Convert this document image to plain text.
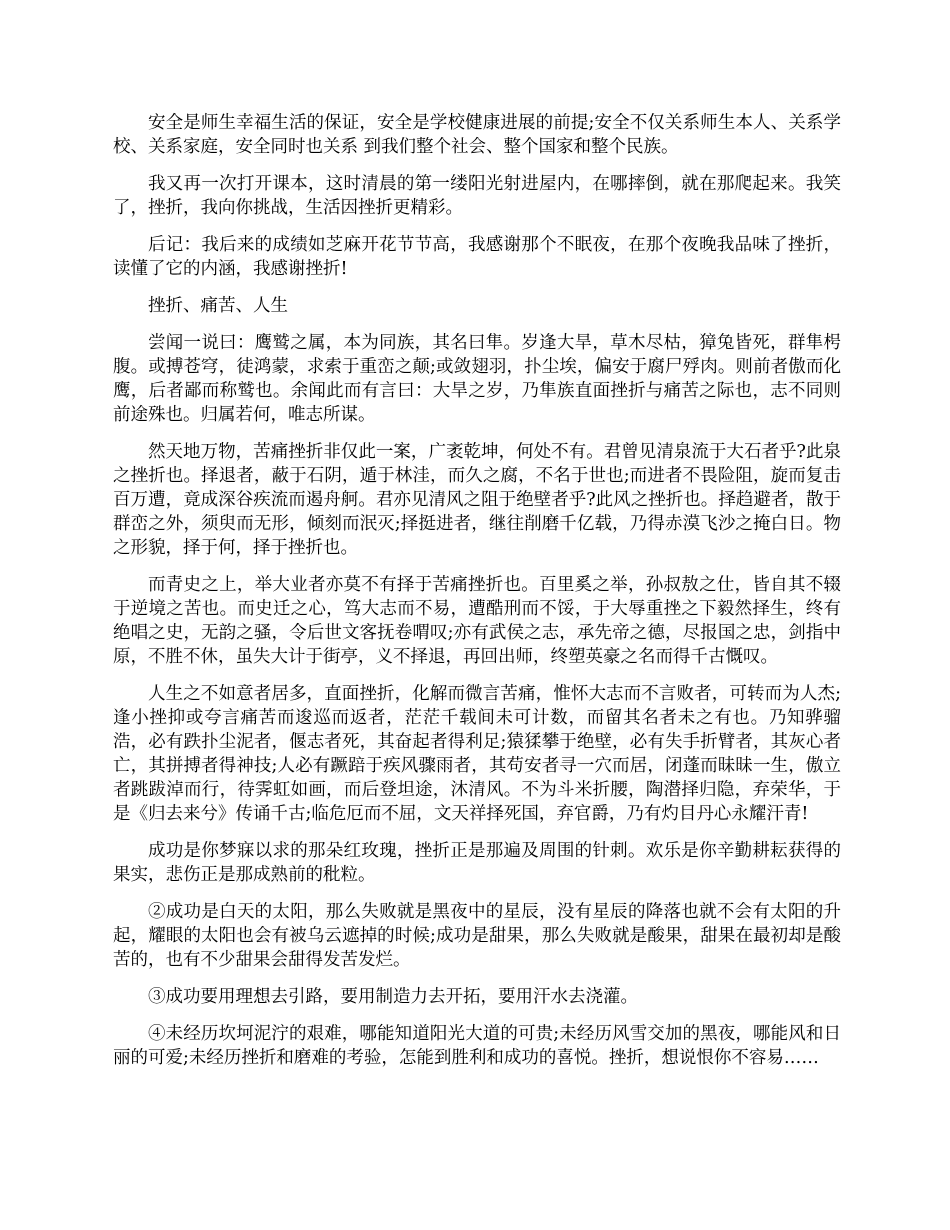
安全是师生幸福生活的保证，安全是学校健康进展的前提;安全不仅关系师生本人、关系学校、关系家庭，安全同时也关系 到我们整个社会、整个国家和整个民族。

我又再一次打开课本，这时清晨的第一缕阳光射进屋内，在哪摔倒，就在那爬起来。我笑了，挫折，我向你挑战，生活因挫折更精彩。

后记：我后来的成绩如芝麻开花节节高，我感谢那个不眠夜，在那个夜晚我品味了挫折，读懂了它的内涵，我感谢挫折!

挫折、痛苦、人生

尝闻一说曰：鹰鹫之属，本为同族，其名曰隼。岁逢大旱，草木尽枯，獐兔皆死，群隼枵腹。或搏苍穹，徒鸿蒙，求索于重峦之颠;或敛翅羽，扑尘埃，偏安于腐尸殍肉。则前者傲而化鹰，后者鄙而称鹫也。余闻此而有言曰：大旱之岁，乃隼族直面挫折与痛苦之际也，志不同则前途殊也。归属若何，唯志所谋。

然天地万物，苦痛挫折非仅此一案，广袤乾坤，何处不有。君曾见清泉流于大石者乎?此泉之挫折也。择退者，蔽于石阴，遁于林洼，而久之腐，不名于世也;而进者不畏险阻，旋而复击百万遭，竟成深谷疾流而遏舟舸。君亦见清风之阻于绝壁者乎?此风之挫折也。择趋避者，散于群峦之外，须臾而无形，倾刻而泯灭;择挺进者，继往削磨千亿载，乃得赤漠飞沙之掩白日。物之形貌，择于何，择于挫折也。

而青史之上，举大业者亦莫不有择于苦痛挫折也。百里奚之举，孙叔敖之仕，皆自其不辍于逆境之苦也。而史迁之心，笃大志而不易，遭酷刑而不馁，于大辱重挫之下毅然择生，终有绝唱之史，无韵之骚，令后世文客抚卷喟叹;亦有武侯之志，承先帝之德，尽报国之忠，剑指中原，不胜不休，虽失大计于街亭，义不择退，再回出师，终塑英豪之名而得千古慨叹。

人生之不如意者居多，直面挫折，化解而微言苦痛，惟怀大志而不言败者，可转而为人杰;逢小挫抑或夸言痛苦而逡巡而返者，茫茫千载间未可计数，而留其名者未之有也。乃知骅骝浩，必有跌扑尘泥者，偃志者死，其奋起者得利足;猿猱攀于绝壁，必有失手折臂者，其灰心者亡，其拼搏者得神技;人必有蹶踣于疾风骤雨者，其苟安者寻一穴而居，闭蓬而昧昧一生，傲立者跳跋淖而行，待霁虹如画，而后登坦途，沐清风。不为斗米折腰，陶潜择归隐，弃荣华，于是《归去来兮》传诵千古;临危厄而不屈，文天祥择死国，弃官爵，乃有灼目丹心永耀汗青!

成功是你梦寐以求的那朵红玫瑰，挫折正是那遍及周围的针刺。欢乐是你辛勤耕耘获得的果实，悲伤正是那成熟前的秕粒。

②成功是白天的太阳，那么失败就是黑夜中的星辰，没有星辰的降落也就不会有太阳的升起，耀眼的太阳也会有被乌云遮掉的时候;成功是甜果，那么失败就是酸果，甜果在最初却是酸苦的，也有不少甜果会甜得发苦发烂。

③成功要用理想去引路，要用制造力去开拓，要用汗水去浇灌。

④未经历坎坷泥泞的艰难，哪能知道阳光大道的可贵;未经历风雪交加的黑夜，哪能风和日丽的可爱;未经历挫折和磨难的考验，怎能到胜利和成功的喜悦。挫折，想说恨你不容易……
